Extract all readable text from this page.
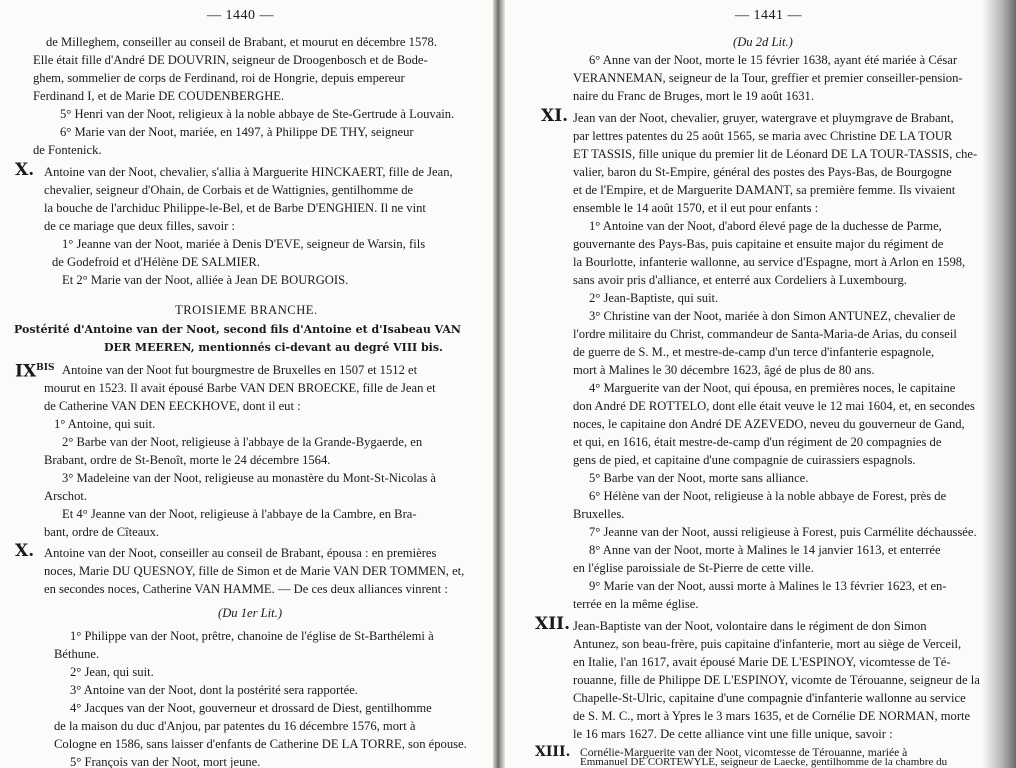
— 1440 —
de Milleghem, conseiller au conseil de Brabant, et mourut en décembre 1578.
Elle était fille d'André DE DOUVRIN, seigneur de Droogenbosch et de Bode-
ghem, sommelier de corps de Ferdinand, roi de Hongrie, depuis empereur
Ferdinand I, et de Marie DE COUDENBERGHE.
5° Henri van der Noot, religieux à la noble abbaye de Ste-Gertrude à Louvain.
6° Marie van der Noot, mariée, en 1497, à Philippe DE THY, seigneur
de Fontenick.
X. Antoine van der Noot, chevalier, s'allia à Marguerite HINCKAERT, fille de Jean,
chevalier, seigneur d'Ohain, de Corbais et de Wattignies, gentilhomme de
la bouche de l'archiduc Philippe-le-Bel, et de Barbe D'ENGHIEN. Il ne vint
de ce mariage que deux filles, savoir :
1° Jeanne van der Noot, mariée à Denis D'EVE, seigneur de Warsin, fils
de Godefroid et d'Hélène DE SALMIER.
Et 2° Marie van der Noot, alliée à Jean DE BOURGOIS.
TROISIEME BRANCHE.
Postérité d'Antoine van der Noot, second fils d'Antoine et d'Isabeau VAN
DER MEEREN, mentionnés ci-devant au degré VIII bis.
$IX^{BIS}$ Antoine van der Noot fut bourgmestre de Bruxelles en 1507 et 1512 et
mourut en 1523. Il avait épousé Barbe VAN DEN BROECKE, fille de Jean et
de Catherine VAN DEN EECKHOVE, dont il eut :
1° Antoine, qui suit.
2° Barbe van der Noot, religieuse à l'abbaye de la Grande-Bygaerde, en
Brabant, ordre de St-Benoît, morte le 24 décembre 1564.
3° Madeleine van der Noot, religieuse au monastère du Mont-St-Nicolas à
Arschot.
Et 4° Jeanne van der Noot, religieuse à l'abbaye de la Cambre, en Bra-
bant, ordre de Cîteaux.
X. Antoine van der Noot, conseiller au conseil de Brabant, épousa : en premières
noces, Marie DU QUESNOY, fille de Simon et de Marie VAN DER TOMMEN, et,
en secondes noces, Catherine VAN HAMME. — De ces deux alliances vinrent :
(Du 1er Lit.)
1° Philippe van der Noot, prêtre, chanoine de l'église de St-Barthélemi à
Béthune.
2° Jean, qui suit.
3° Antoine van der Noot, dont la postérité sera rapportée.
4° Jacques van der Noot, gouverneur et drossard de Diest, gentilhomme
de la maison du duc d'Anjou, par patentes du 16 décembre 1576, mort à
Cologne en 1586, sans laisser d'enfants de Catherine DE LA TORRE, son épouse.
5° François van der Noot, mort jeune.
— 1441 —
(Du 2d Lit.)
6° Anne van der Noot, morte le 15 février 1638, ayant été mariée à César
VERANNEMAN, seigneur de la Tour, greffier et premier conseiller-pension-
naire du Franc de Bruges, mort le 19 août 1631.
XI. Jean van der Noot, chevalier, gruyer, watergrave et pluymgrave de Brabant,
par lettres patentes du 25 août 1565, se maria avec Christine DE LA TOUR
ET TASSIS, fille unique du premier lit de Léonard DE LA TOUR-TASSIS, che-
valier, baron du St-Empire, général des postes des Pays-Bas, de Bourgogne
et de l'Empire, et de Marguerite DAMANT, sa première femme. Ils vivaient
ensemble le 14 août 1570, et il eut pour enfants :
1° Antoine van der Noot, d'abord élevé page de la duchesse de Parme,
gouvernante des Pays-Bas, puis capitaine et ensuite major du régiment de
la Bourlotte, infanterie wallonne, au service d'Espagne, mort à Arlon en 1598,
sans avoir pris d'alliance, et enterré aux Cordeliers à Luxembourg.
2° Jean-Baptiste, qui suit.
3° Christine van der Noot, mariée à don Simon ANTUNEZ, chevalier de
l'ordre militaire du Christ, commandeur de Santa-Maria-de Arias, du conseil
de guerre de S. M., et mestre-de-camp d'un terce d'infanterie espagnole,
mort à Malines le 30 décembre 1623, âgé de plus de 80 ans.
4° Marguerite van der Noot, qui épousa, en premières noces, le capitaine
don André DE ROTTELO, dont elle était veuve le 12 mai 1604, et, en secondes
noces, le capitaine don André DE AZEVEDO, neveu du gouverneur de Gand,
et qui, en 1616, était mestre-de-camp d'un régiment de 20 compagnies de
gens de pied, et capitaine d'une compagnie de cuirassiers espagnols.
5° Barbe van der Noot, morte sans alliance.
6° Hélène van der Noot, religieuse à la noble abbaye de Forest, près de
Bruxelles.
7° Jeanne van der Noot, aussi religieuse à Forest, puis Carmélite déchaussée.
8° Anne van der Noot, morte à Malines le 14 janvier 1613, et enterrée
en l'église paroissiale de St-Pierre de cette ville.
9° Marie van der Noot, aussi morte à Malines le 13 février 1623, et en-
terrée en la même église.
XII. Jean-Baptiste van der Noot, volontaire dans le régiment de don Simon
Antunez, son beau-frère, puis capitaine d'infanterie, mort au siège de Verceil,
en Italie, l'an 1617, avait épousé Marie DE L'ESPINOY, vicomtesse de Té-
rouanne, fille de Philippe DE L'ESPINOY, vicomte de Térouanne, seigneur de la
Chapelle-St-Ulric, capitaine d'une compagnie d'infanterie wallonne au service
de S. M. C., mort à Ypres le 3 mars 1635, et de Cornélie DE NORMAN, morte
le 16 mars 1627. De cette alliance vint une fille unique, savoir :
XIII. Cornélie-Marguerite van der Noot, vicomtesse de Térouanne, mariée à
Emmanuel DE CORTEWYLE, seigneur de Laecke, gentilhomme de la chambre du
